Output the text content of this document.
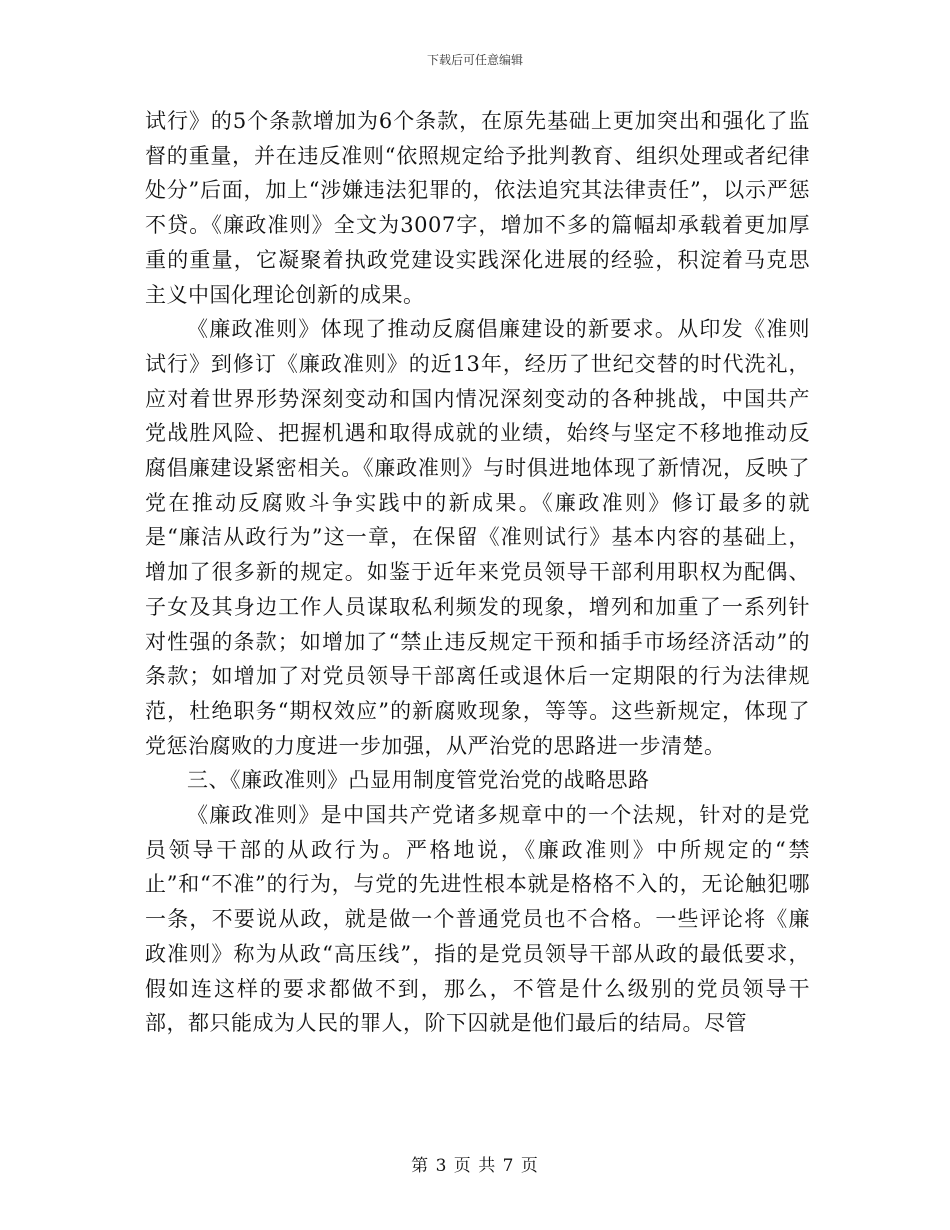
下载后可任意编辑

试行》的5个条款增加为6个条款，在原先基础上更加突出和强化了监督的重量，并在违反准则“依照规定给予批判教育、组织处理或者纪律处分”后面，加上“涉嫌违法犯罪的，依法追究其法律责任”，以示严惩不贷。《廉政准则》全文为3007字，增加不多的篇幅却承载着更加厚重的重量，它凝聚着执政党建设实践深化进展的经验，积淀着马克思主义中国化理论创新的成果。

《廉政准则》体现了推动反腐倡廉建设的新要求。从印发《准则试行》到修订《廉政准则》的近13年，经历了世纪交替的时代洗礼，应对着世界形势深刻变动和国内情况深刻变动的各种挑战，中国共产党战胜风险、把握机遇和取得成就的业绩，始终与坚定不移地推动反腐倡廉建设紧密相关。《廉政准则》与时俱进地体现了新情况，反映了党在推动反腐败斗争实践中的新成果。《廉政准则》修订最多的就是“廉洁从政行为”这一章，在保留《准则试行》基本内容的基础上，增加了很多新的规定。如鉴于近年来党员领导干部利用职权为配偶、子女及其身边工作人员谋取私利频发的现象，增列和加重了一系列针对性强的条款；如增加了“禁止违反规定干预和插手市场经济活动”的条款；如增加了对党员领导干部离任或退休后一定期限的行为法律规范，杜绝职务“期权效应”的新腐败现象，等等。这些新规定，体现了党惩治腐败的力度进一步加强，从严治党的思路进一步清楚。

三、《廉政准则》凸显用制度管党治党的战略思路

《廉政准则》是中国共产党诸多规章中的一个法规，针对的是党员领导干部的从政行为。严格地说，《廉政准则》中所规定的“禁止”和“不准”的行为，与党的先进性根本就是格格不入的，无论触犯哪一条，不要说从政，就是做一个普通党员也不合格。一些评论将《廉政准则》称为从政“高压线”，指的是党员领导干部从政的最低要求，假如连这样的要求都做不到，那么，不管是什么级别的党员领导干部，都只能成为人民的罪人，阶下囚就是他们最后的结局。尽管

第 3 页 共 7 页
